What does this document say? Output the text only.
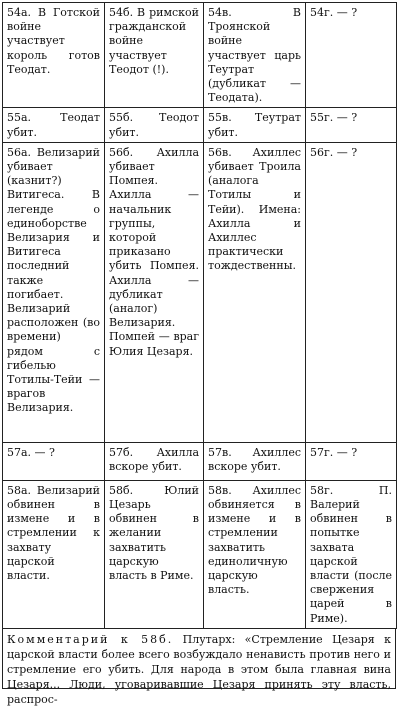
54а. В Готской войне участвует король готов Теодат.	54б. В римской гражданской войне участвует Теодот (!).	54в. В Троянской войне участвует царь Теутрат (дубликат — Теодата).	54г. — ?
55а. Теодат убит.	55б. Теодот убит.	55в. Теутрат убит.	55г. — ?
56а. Велизарий убивает (казнит?) Витигеса. В легенде о единоборстве Велизария и Витигеса последний также погибает. Велизарий расположен (во времени) рядом с гибелью Тотилы-Тейи — врагов Велизария.	56б. Ахилла убивает Помпея. Ахилла — начальник группы, которой приказано убить Помпея. Ахилла — дубликат (аналог) Велизария. Помпей — враг Юлия Цезаря.	56в. Ахиллес убивает Троила (аналога Тотилы и Тейи). Имена: Ахилла и Ахиллес практически тождественны.	56г. — ?
57а. — ?	57б. Ахилла вскоре убит.	57в. Ахиллес вскоре убит.	57г. — ?
58а. Велизарий обвинен в измене и в стремлении к захвату царской власти.	58б. Юлий Цезарь обвинен в желании захватить царскую власть в Риме.	58в. Ахиллес обвиняется в измене и в стремлении захватить единоличную царскую власть.	58г. П. Валерий обвинен в попытке захвата царской власти (после свержения царей в Риме).
Комментарий к 58б. Плутарх: «Стремление Цезаря к царской власти более всего возбуждало ненависть против него и стремление его убить. Для народа в этом была главная вина Цезаря... Люди, уговаривавшие Цезаря принять эту власть, распрос-
